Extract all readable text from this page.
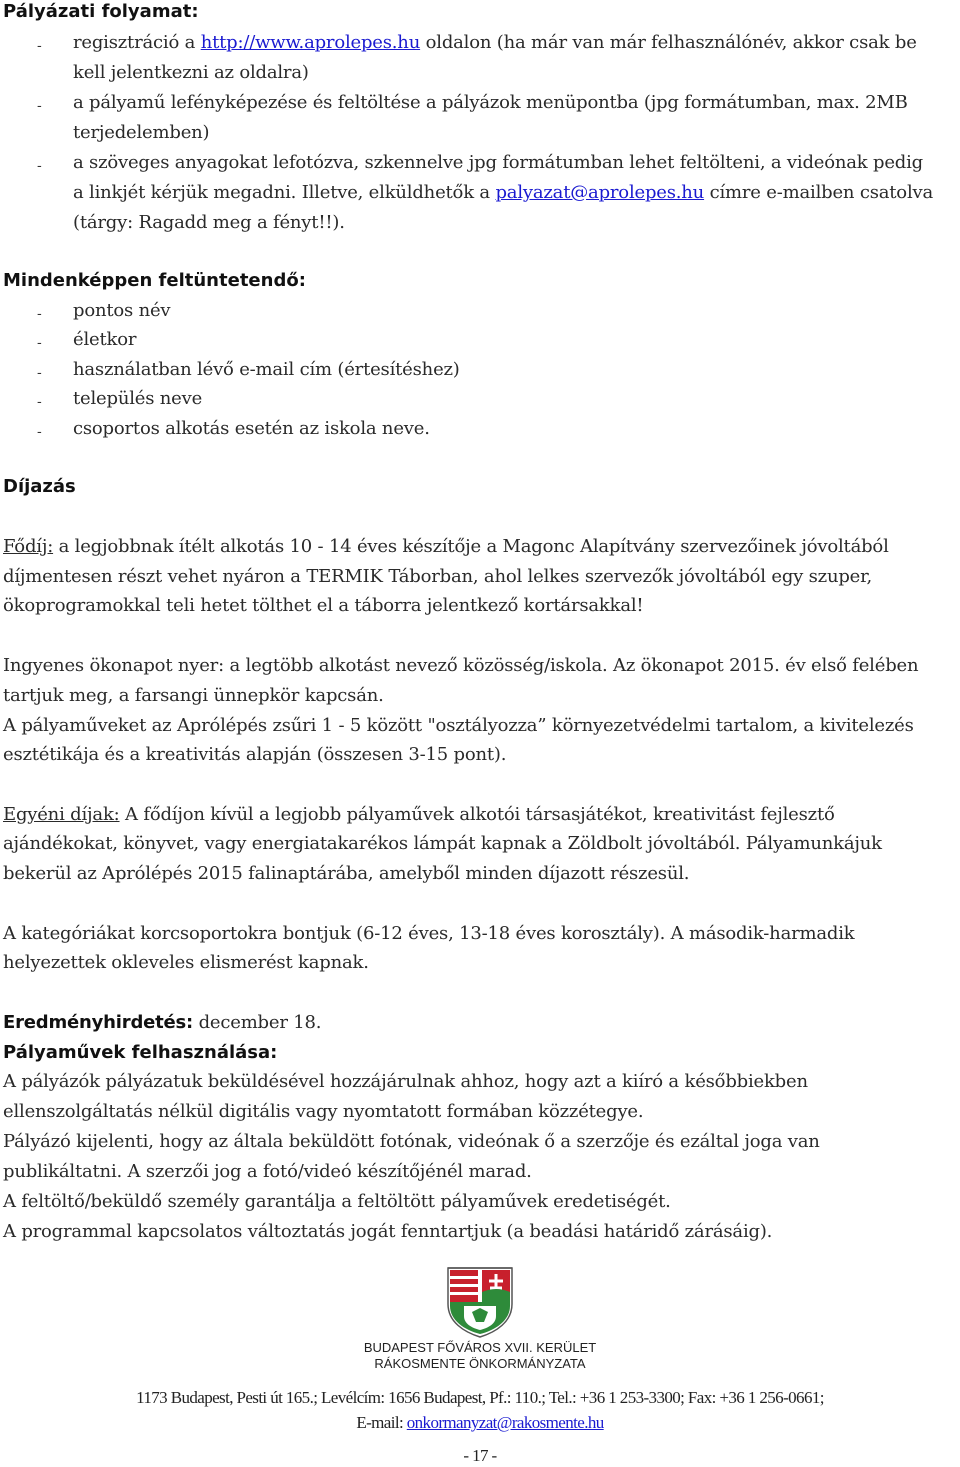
Pályázati folyamat:
- regisztráció a http://www.aprolepes.hu oldalon (ha már van már felhasználónév, akkor csak be
kell jelentkezni az oldalra)
- a pályamű lefényképezése és feltöltése a pályázok menüpontba (jpg formátumban, max. 2MB
terjedelemben)
- a szöveges anyagokat lefotózva, szkennelve jpg formátumban lehet feltölteni, a videónak pedig
a linkjét kérjük megadni. Illetve, elküldhetők a palyazat@aprolepes.hu címre e-mailben csatolva
(tárgy: Ragadd meg a fényt!!).
Mindenképpen feltüntetendő:
- pontos név
- életkor
- használatban lévő e-mail cím (értesítéshez)
- település neve
- csoportos alkotás esetén az iskola neve.
Díjazás
Fődíj: a legjobbnak ítélt alkotás 10 - 14 éves készítője a Magonc Alapítvány szervezőinek jóvoltából
díjmentesen részt vehet nyáron a TERMIK Táborban, ahol lelkes szervezők jóvoltából egy szuper,
ökoprogramokkal teli hetet tölthet el a táborra jelentkező kortársakkal!
Ingyenes ökonapot nyer: a legtöbb alkotást nevező közösség/iskola. Az ökonapot 2015. év első felében
tartjuk meg, a farsangi ünnepkör kapcsán.
A pályaműveket az Aprólépés zsűri 1 - 5 között "osztályozza” környezetvédelmi tartalom, a kivitelezés
esztétikája és a kreativitás alapján (összesen 3-15 pont).
Egyéni díjak: A fődíjon kívül a legjobb pályaművek alkotói társasjátékot, kreativitást fejlesztő
ajándékokat, könyvet, vagy energiatakarékos lámpát kapnak a Zöldbolt jóvoltából. Pályamunkájuk
bekerül az Aprólépés 2015 falinaptárába, amelyből minden díjazott részesül.
A kategóriákat korcsoportokra bontjuk (6-12 éves, 13-18 éves korosztály). A második-harmadik
helyezettek okleveles elismerést kapnak.
Eredményhirdetés: december 18.
Pályaművek felhasználása:
A pályázók pályázatuk beküldésével hozzájárulnak ahhoz, hogy azt a kiíró a későbbiekben
ellenszolgáltatás nélkül digitális vagy nyomtatott formában közzétegye.
Pályázó kijelenti, hogy az általa beküldött fotónak, videónak ő a szerzője és ezáltal joga van
publikáltatni. A szerzői jog a fotó/videó készítőjénél marad.
A feltöltő/beküldő személy garantálja a feltöltött pályaművek eredetiségét.
A programmal kapcsolatos változtatás jogát fenntartjuk (a beadási határidő zárásáig).
BUDAPEST FŐVÁROS XVII. KERÜLET
RÁKOSMENTE ÖNKORMÁNYZATA
1173 Budapest, Pesti út 165.; Levélcím: 1656 Budapest, Pf.: 110.; Tel.: +36 1 253-3300; Fax: +36 1 256-0661;
E-mail: onkormanyzat@rakosmente.hu
- 17 -
